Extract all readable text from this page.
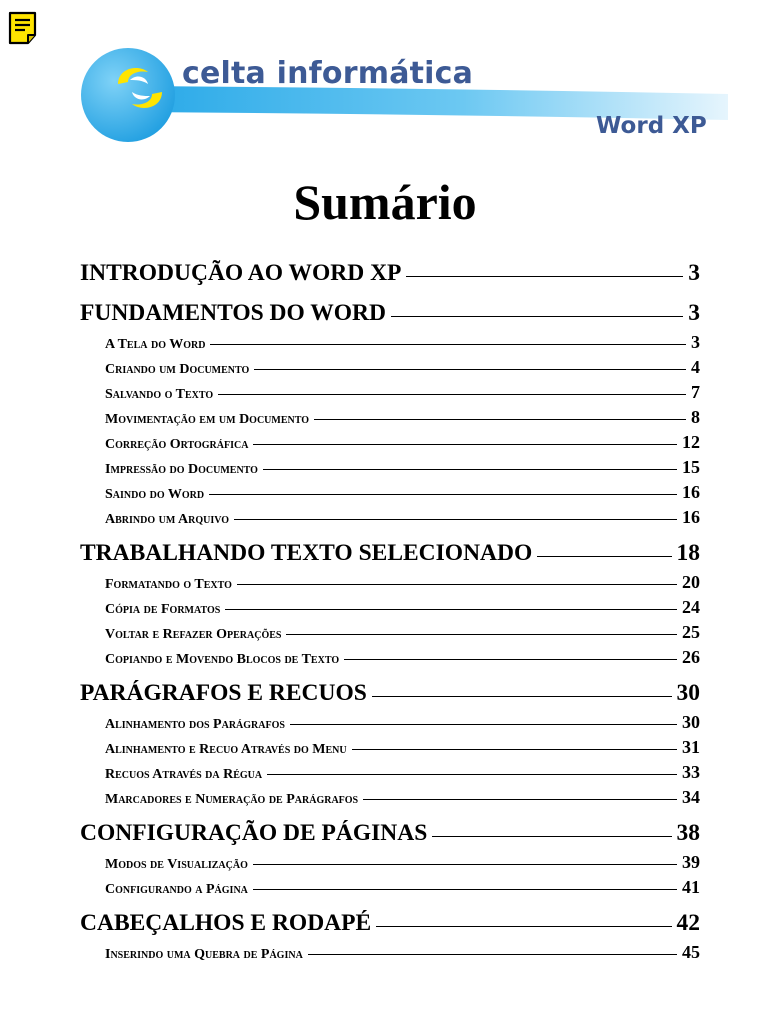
celta informática
Word XP
Sumário
INTRODUÇÃO AO WORD XP	3
FUNDAMENTOS DO WORD	3
A Tela do Word	3
Criando um Documento	4
Salvando o Texto	7
Movimentação em um Documento	8
Correção Ortográfica	12
Impressão do Documento	15
Saindo do Word	16
Abrindo um Arquivo	16
TRABALHANDO TEXTO SELECIONADO	18
Formatando o Texto	20
Cópia de Formatos	24
Voltar e Refazer Operações	25
Copiando e Movendo Blocos de Texto	26
PARÁGRAFOS E RECUOS	30
Alinhamento dos Parágrafos	30
Alinhamento e Recuo Através do Menu	31
Recuos Através da Régua	33
Marcadores e Numeração de Parágrafos	34
CONFIGURAÇÃO DE PÁGINAS	38
Modos de Visualização	39
Configurando a Página	41
CABEÇALHOS E RODAPÉ	42
Inserindo uma Quebra de Página	45
